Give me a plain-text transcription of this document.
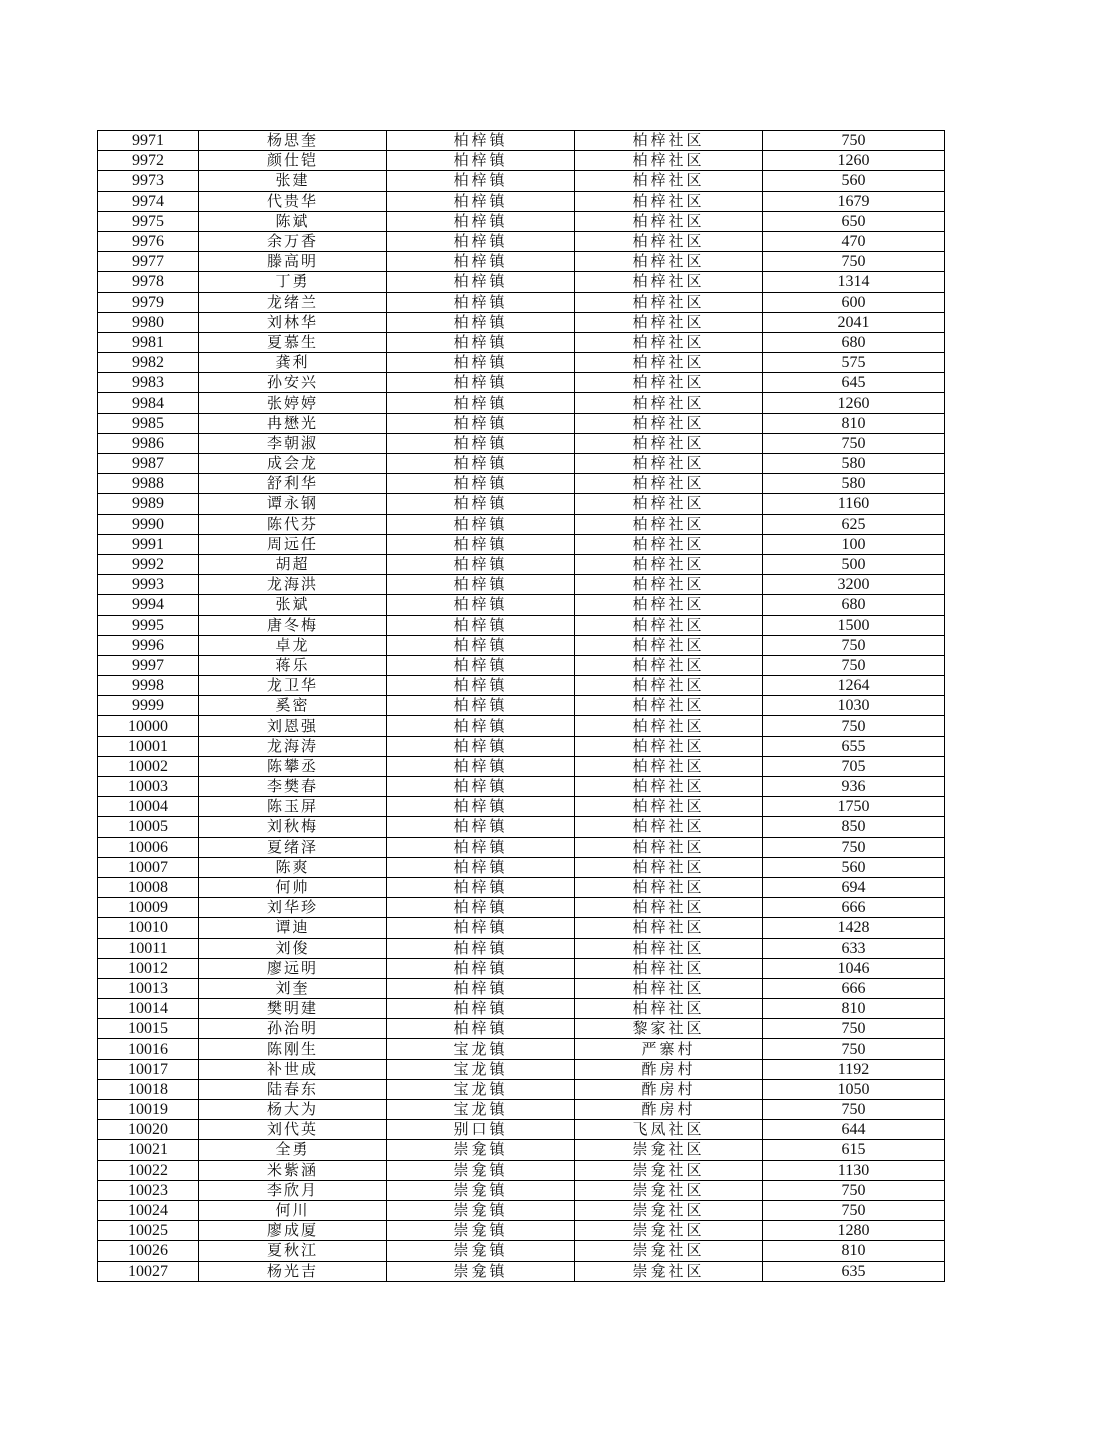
9971	杨思奎	柏梓镇	柏梓社区	750
9972	颜仕铠	柏梓镇	柏梓社区	1260
9973	张建	柏梓镇	柏梓社区	560
9974	代贵华	柏梓镇	柏梓社区	1679
9975	陈斌	柏梓镇	柏梓社区	650
9976	余万香	柏梓镇	柏梓社区	470
9977	滕高明	柏梓镇	柏梓社区	750
9978	丁勇	柏梓镇	柏梓社区	1314
9979	龙绪兰	柏梓镇	柏梓社区	600
9980	刘林华	柏梓镇	柏梓社区	2041
9981	夏慕生	柏梓镇	柏梓社区	680
9982	龚利	柏梓镇	柏梓社区	575
9983	孙安兴	柏梓镇	柏梓社区	645
9984	张婷婷	柏梓镇	柏梓社区	1260
9985	冉懋光	柏梓镇	柏梓社区	810
9986	李朝淑	柏梓镇	柏梓社区	750
9987	成会龙	柏梓镇	柏梓社区	580
9988	舒利华	柏梓镇	柏梓社区	580
9989	谭永钢	柏梓镇	柏梓社区	1160
9990	陈代芬	柏梓镇	柏梓社区	625
9991	周远任	柏梓镇	柏梓社区	100
9992	胡超	柏梓镇	柏梓社区	500
9993	龙海洪	柏梓镇	柏梓社区	3200
9994	张斌	柏梓镇	柏梓社区	680
9995	唐冬梅	柏梓镇	柏梓社区	1500
9996	卓龙	柏梓镇	柏梓社区	750
9997	蒋乐	柏梓镇	柏梓社区	750
9998	龙卫华	柏梓镇	柏梓社区	1264
9999	奚密	柏梓镇	柏梓社区	1030
10000	刘恩强	柏梓镇	柏梓社区	750
10001	龙海涛	柏梓镇	柏梓社区	655
10002	陈攀丞	柏梓镇	柏梓社区	705
10003	李樊春	柏梓镇	柏梓社区	936
10004	陈玉屏	柏梓镇	柏梓社区	1750
10005	刘秋梅	柏梓镇	柏梓社区	850
10006	夏绪泽	柏梓镇	柏梓社区	750
10007	陈爽	柏梓镇	柏梓社区	560
10008	何帅	柏梓镇	柏梓社区	694
10009	刘华珍	柏梓镇	柏梓社区	666
10010	谭迪	柏梓镇	柏梓社区	1428
10011	刘俊	柏梓镇	柏梓社区	633
10012	廖远明	柏梓镇	柏梓社区	1046
10013	刘奎	柏梓镇	柏梓社区	666
10014	樊明建	柏梓镇	柏梓社区	810
10015	孙治明	柏梓镇	黎家社区	750
10016	陈刚生	宝龙镇	严寨村	750
10017	补世成	宝龙镇	酢房村	1192
10018	陆春东	宝龙镇	酢房村	1050
10019	杨大为	宝龙镇	酢房村	750
10020	刘代英	别口镇	飞凤社区	644
10021	全勇	崇龛镇	崇龛社区	615
10022	米紫涵	崇龛镇	崇龛社区	1130
10023	李欣月	崇龛镇	崇龛社区	750
10024	何川	崇龛镇	崇龛社区	750
10025	廖成厦	崇龛镇	崇龛社区	1280
10026	夏秋江	崇龛镇	崇龛社区	810
10027	杨光吉	崇龛镇	崇龛社区	635
